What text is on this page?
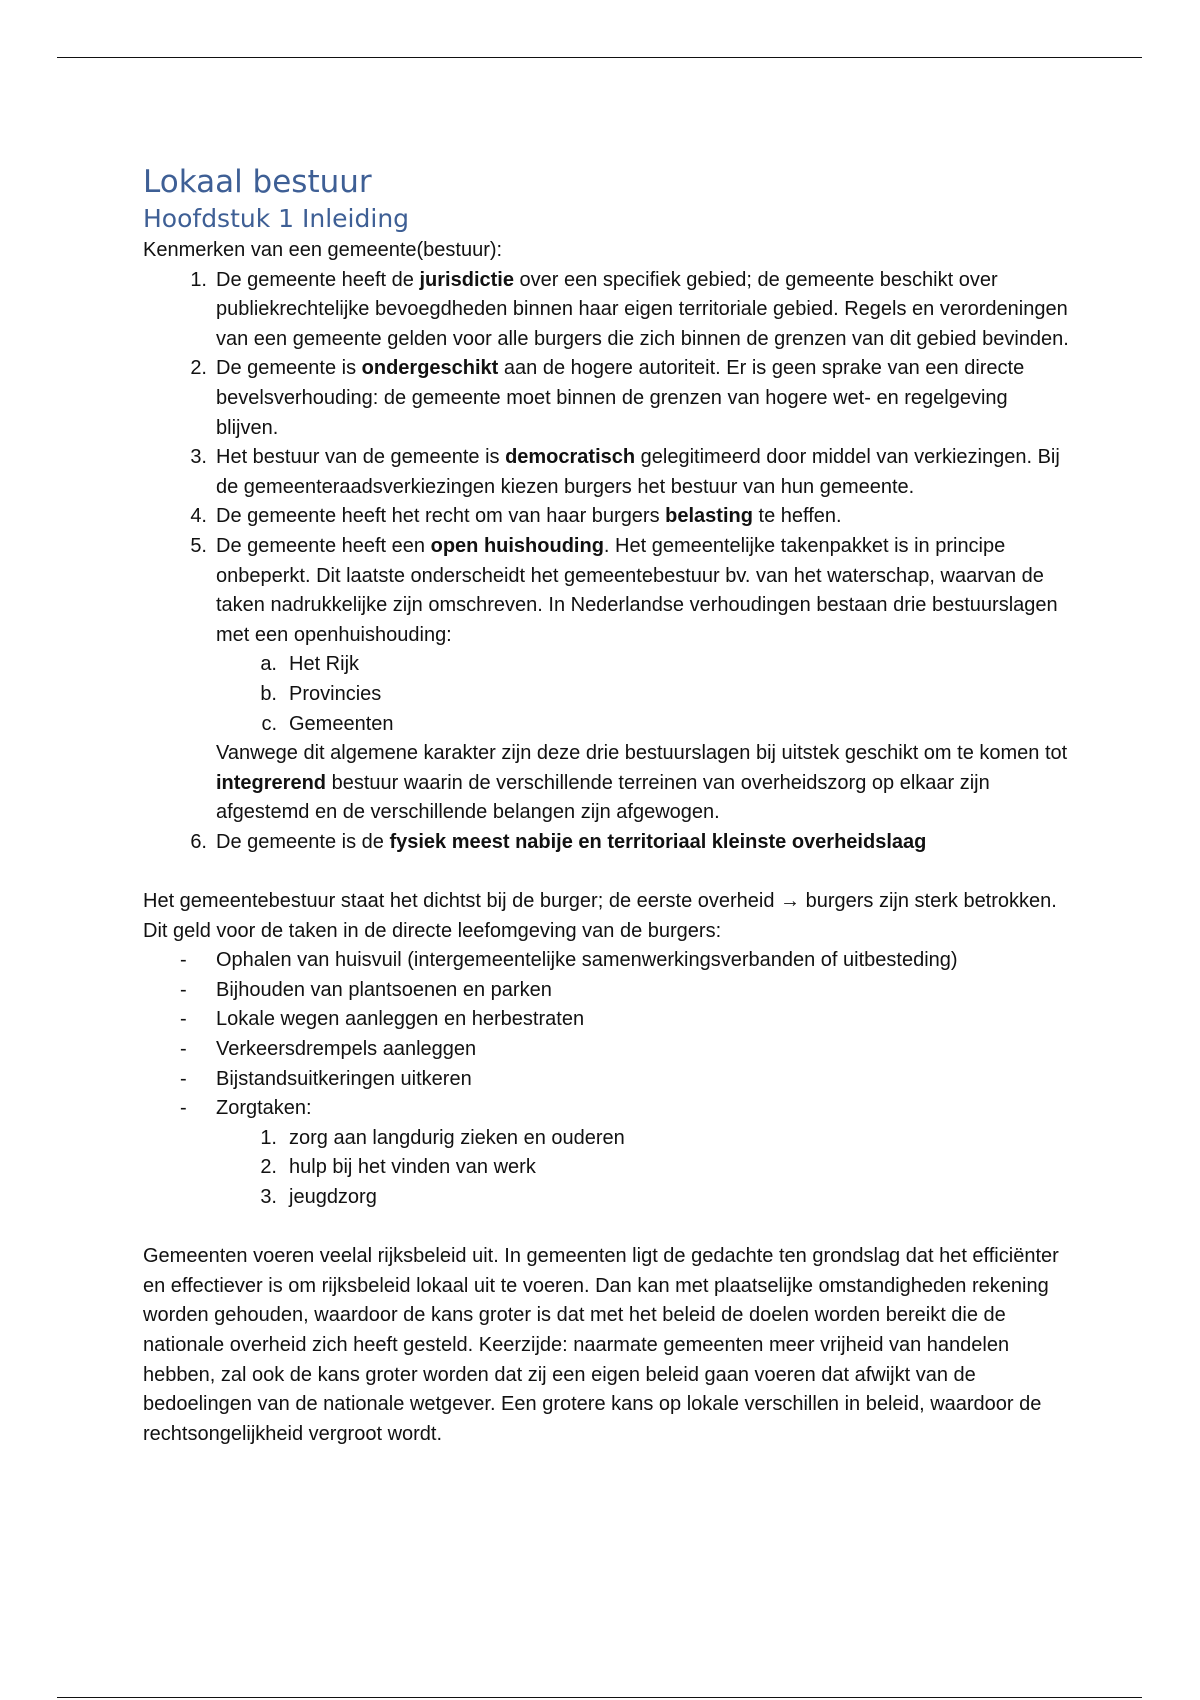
Lokaal bestuur
Hoofdstuk 1 Inleiding

Kenmerken van een gemeente(bestuur):

1. De gemeente heeft de jurisdictie over een specifiek gebied; de gemeente beschikt over publiekrechtelijke bevoegdheden binnen haar eigen territoriale gebied. Regels en verordeningen van een gemeente gelden voor alle burgers die zich binnen de grenzen van dit gebied bevinden.
2. De gemeente is ondergeschikt aan de hogere autoriteit. Er is geen sprake van een directe bevelsverhouding: de gemeente moet binnen de grenzen van hogere wet- en regelgeving blijven.
3. Het bestuur van de gemeente is democratisch gelegitimeerd door middel van verkiezingen. Bij de gemeenteraadsverkiezingen kiezen burgers het bestuur van hun gemeente.
4. De gemeente heeft het recht om van haar burgers belasting te heffen.
5. De gemeente heeft een open huishouding. Het gemeentelijke takenpakket is in principe onbeperkt. Dit laatste onderscheidt het gemeentebestuur bv. van het waterschap, waarvan de taken nadrukkelijke zijn omschreven. In Nederlandse verhoudingen bestaan drie bestuurslagen met een openhuishouding:
a. Het Rijk
b. Provincies
c. Gemeenten
Vanwege dit algemene karakter zijn deze drie bestuurslagen bij uitstek geschikt om te komen tot integrerend bestuur waarin de verschillende terreinen van overheidszorg op elkaar zijn afgestemd en de verschillende belangen zijn afgewogen.
6. De gemeente is de fysiek meest nabije en territoriaal kleinste overheidslaag

Het gemeentebestuur staat het dichtst bij de burger; de eerste overheid → burgers zijn sterk betrokken. Dit geld voor de taken in de directe leefomgeving van de burgers:

-	Ophalen van huisvuil (intergemeentelijke samenwerkingsverbanden of uitbesteding)
-	Bijhouden van plantsoenen en parken
-	Lokale wegen aanleggen en herbestraten
-	Verkeersdrempels aanleggen
-	Bijstandsuitkeringen uitkeren
-	Zorgtaken:
1. zorg aan langdurig zieken en ouderen
2. hulp bij het vinden van werk
3. jeugdzorg

Gemeenten voeren veelal rijksbeleid uit. In gemeenten ligt de gedachte ten grondslag dat het efficiënter en effectiever is om rijksbeleid lokaal uit te voeren. Dan kan met plaatselijke omstandigheden rekening worden gehouden, waardoor de kans groter is dat met het beleid de doelen worden bereikt die de nationale overheid zich heeft gesteld. Keerzijde: naarmate gemeenten meer vrijheid van handelen hebben, zal ook de kans groter worden dat zij een eigen beleid gaan voeren dat afwijkt van de bedoelingen van de nationale wetgever. Een grotere kans op lokale verschillen in beleid, waardoor de rechtsongelijkheid vergroot wordt.
